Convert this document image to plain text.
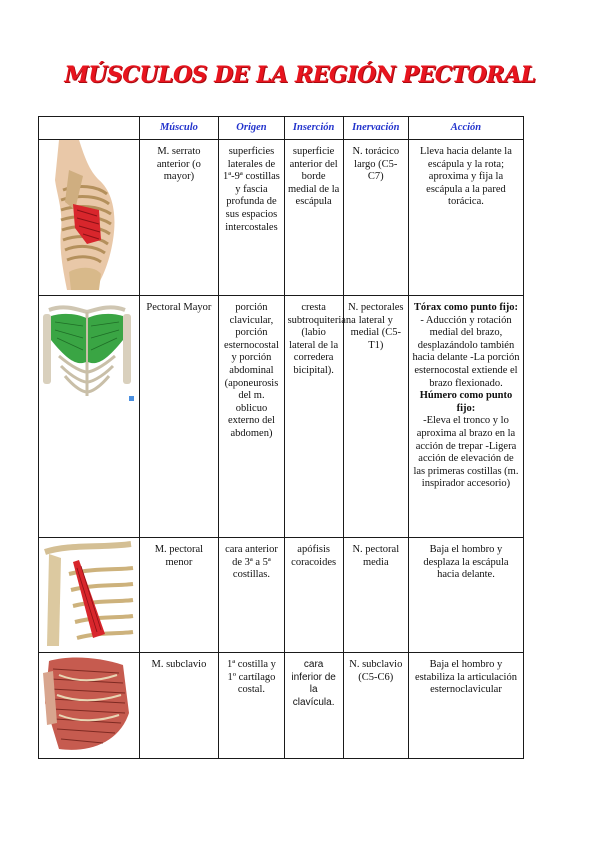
MÚSCULOS DE LA REGIÓN PECTORAL
	Músculo	Origen	Inserción	Inervación	Acción

M. serrato anterior (o mayor)	superficies laterales de 1ª-9ª costillas y fascia profunda de sus espacios intercostales	superficie anterior del borde medial de la escápula	N. torácico largo (C5-C7)	Lleva hacia delante la escápula y la rota; aproxima y fija la escápula a la pared torácica.

Pectoral Mayor	porción clavicular, porción esternocostal y porción abdominal (aponeurosis del m. oblicuo externo del abdomen)	cresta subtroquiteriana (labio lateral de la corredera bicipital).	N. pectorales lateral y medial (C5-T1)	Tórax como punto fijo:
- Aducción y rotación medial del brazo, desplazándolo también hacia delante -La porción esternocostal extiende el brazo flexionado.
Húmero como punto fijo:
-Eleva el tronco y lo aproxima al brazo en la acción de trepar -Ligera acción de elevación de las primeras costillas (m. inspirador accesorio)

M. pectoral menor	cara anterior de 3ª a 5ª costillas.	apófisis coracoides	N. pectoral media	Baja el hombro y desplaza la escápula hacia delante.

M. subclavio	1ª costilla y 1º cartílago costal.	cara inferior de la clavícula.	N. subclavio (C5-C6)	Baja el hombro y estabiliza la articulación esternoclavicular
